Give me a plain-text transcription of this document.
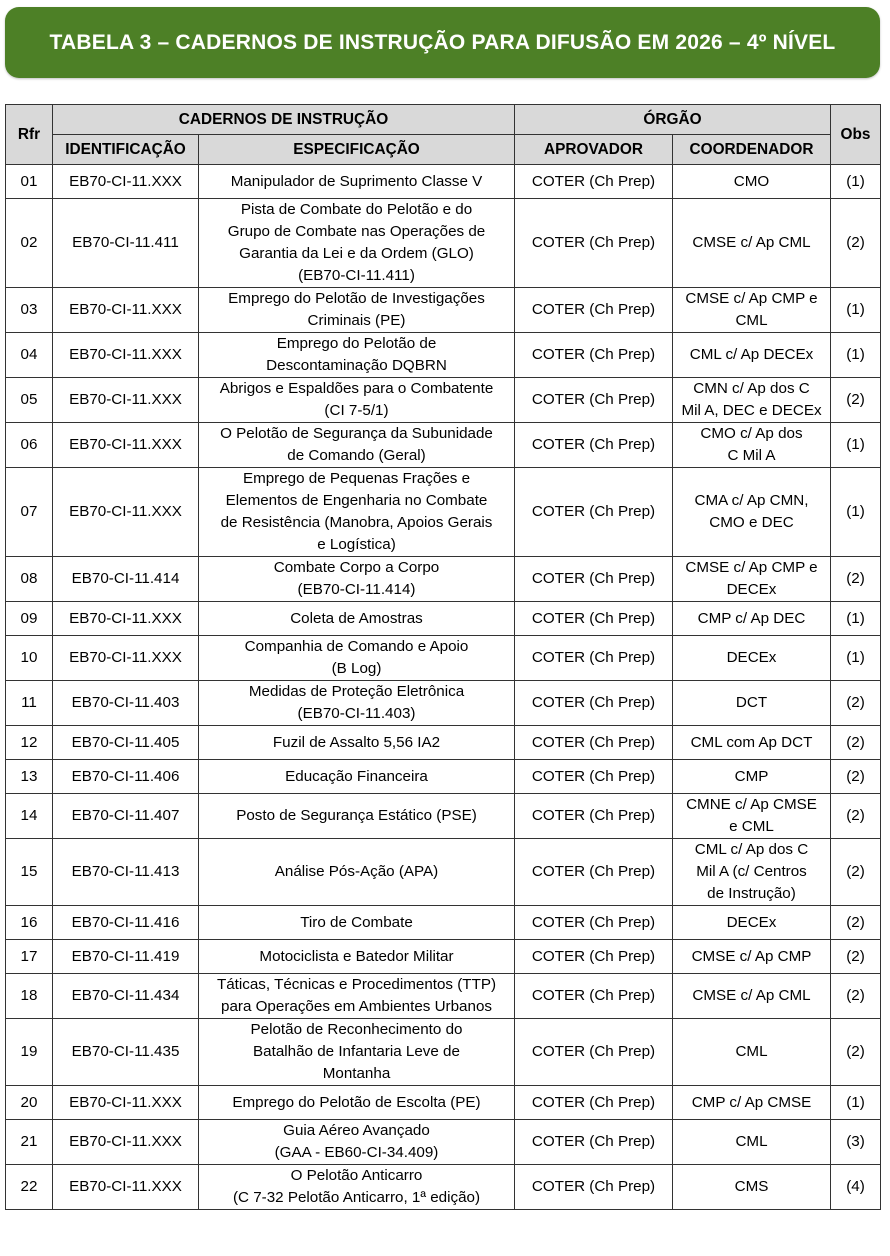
TABELA 3 – CADERNOS DE INSTRUÇÃO PARA DIFUSÃO EM 2026 – 4º NÍVEL
Rfr	CADERNOS DE INSTRUÇÃO		ÓRGÃO		Obs
	IDENTIFICAÇÃO	ESPECIFICAÇÃO	APROVADOR	COORDENADOR	
01	EB70-CI-11.XXX	Manipulador de Suprimento Classe V	COTER (Ch Prep)	CMO	(1)
02	EB70-CI-11.411	Pista de Combate do Pelotão e do
Grupo de Combate nas Operações de
Garantia da Lei e da Ordem (GLO)
(EB70-CI-11.411)	COTER (Ch Prep)	CMSE c/ Ap CML	(2)
03	EB70-CI-11.XXX	Emprego do Pelotão de Investigações
Criminais (PE)	COTER (Ch Prep)	CMSE c/ Ap CMP e
CML	(1)
04	EB70-CI-11.XXX	Emprego do Pelotão de
Descontaminação DQBRN	COTER (Ch Prep)	CML c/ Ap DECEx	(1)
05	EB70-CI-11.XXX	Abrigos e Espaldões para o Combatente
(CI 7-5/1)	COTER (Ch Prep)	CMN c/ Ap dos C
Mil A, DEC e DECEx	(2)
06	EB70-CI-11.XXX	O Pelotão de Segurança da Subunidade
de Comando (Geral)	COTER (Ch Prep)	CMO c/ Ap dos
C Mil A	(1)
07	EB70-CI-11.XXX	Emprego de Pequenas Frações e
Elementos de Engenharia no Combate
de Resistência (Manobra, Apoios Gerais
e Logística)	COTER (Ch Prep)	CMA c/ Ap CMN,
CMO e DEC	(1)
08	EB70-CI-11.414	Combate Corpo a Corpo
(EB70-CI-11.414)	COTER (Ch Prep)	CMSE c/ Ap CMP e
DECEx	(2)
09	EB70-CI-11.XXX	Coleta de Amostras	COTER (Ch Prep)	CMP c/ Ap DEC	(1)
10	EB70-CI-11.XXX	Companhia de Comando e Apoio
(B Log)	COTER (Ch Prep)	DECEx	(1)
11	EB70-CI-11.403	Medidas de Proteção Eletrônica
(EB70-CI-11.403)	COTER (Ch Prep)	DCT	(2)
12	EB70-CI-11.405	Fuzil de Assalto 5,56 IA2	COTER (Ch Prep)	CML com Ap DCT	(2)
13	EB70-CI-11.406	Educação Financeira	COTER (Ch Prep)	CMP	(2)
14	EB70-CI-11.407	Posto de Segurança Estático (PSE)	COTER (Ch Prep)	CMNE c/ Ap CMSE
e CML	(2)
15	EB70-CI-11.413	Análise Pós-Ação (APA)	COTER (Ch Prep)	CML c/ Ap dos C
Mil A (c/ Centros
de Instrução)	(2)
16	EB70-CI-11.416	Tiro de Combate	COTER (Ch Prep)	DECEx	(2)
17	EB70-CI-11.419	Motociclista e Batedor Militar	COTER (Ch Prep)	CMSE c/ Ap CMP	(2)
18	EB70-CI-11.434	Táticas, Técnicas e Procedimentos (TTP)
para Operações em Ambientes Urbanos	COTER (Ch Prep)	CMSE c/ Ap CML	(2)
19	EB70-CI-11.435	Pelotão de Reconhecimento do
Batalhão de Infantaria Leve de
Montanha	COTER (Ch Prep)	CML	(2)
20	EB70-CI-11.XXX	Emprego do Pelotão de Escolta (PE)	COTER (Ch Prep)	CMP c/ Ap CMSE	(1)
21	EB70-CI-11.XXX	Guia Aéreo Avançado
(GAA - EB60-CI-34.409)	COTER (Ch Prep)	CML	(3)
22	EB70-CI-11.XXX	O Pelotão Anticarro
(C 7-32 Pelotão Anticarro, 1ª edição)	COTER (Ch Prep)	CMS	(4)
